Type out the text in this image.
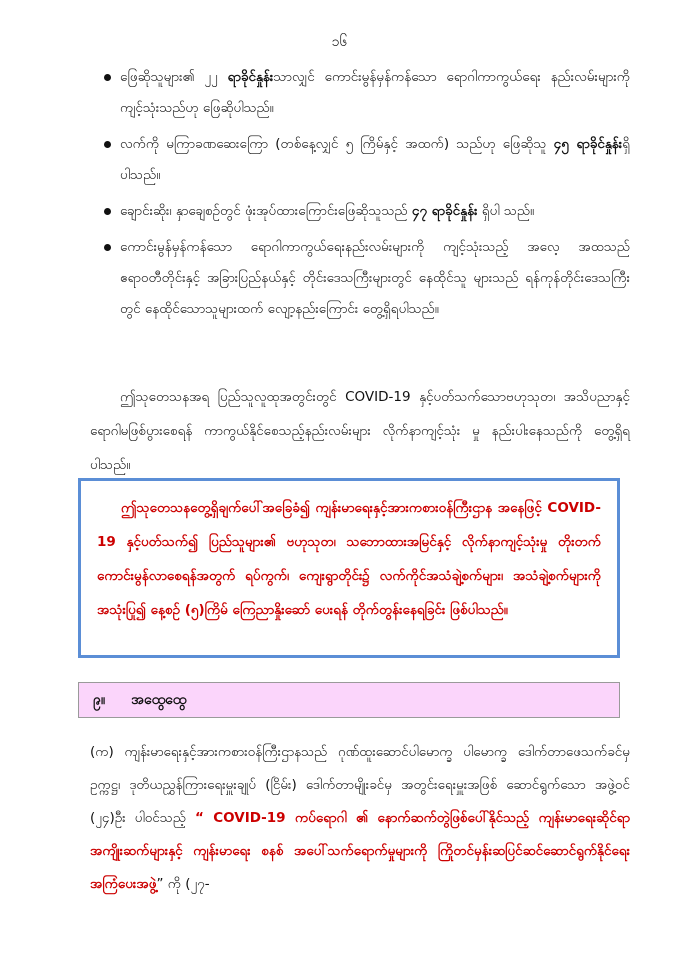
၁၆
ဖြေဆိုသူများ၏ ၂၂ ရာခိုင်နှုန်းသာလျှင် ကောင်းမွန်မှန်ကန်သော ရောဂါကာကွယ်ရေး နည်းလမ်းများကို ကျင့်သုံးသည်ဟု ဖြေဆိုပါသည်။
လက်ကို မကြာခဏဆေးကြော (တစ်နေ့လျှင် ၅ ကြိမ်နှင့် အထက်) သည်ဟု ဖြေဆိုသူ ၄၅ ရာခိုင်နှုန်းရှိပါသည်။
ချောင်းဆိုး၊ နှာချေစဉ်တွင် ဖုံးအုပ်ထားကြောင်းဖြေဆိုသူသည် ၄၇ ရာခိုင်နှုန်း ရှိပါ သည်။
ကောင်းမွန်မှန်ကန်သော ရောဂါကာကွယ်ရေးနည်းလမ်းများကို ကျင့်သုံးသည့် အလေ့ အထသည် ဧရာဝတီတိုင်းနှင့် အခြားပြည်နယ်နှင့် တိုင်းဒေသကြီးများတွင် နေထိုင်သူ များသည် ရန်ကုန်တိုင်းဒေသကြီးတွင် နေထိုင်သောသူများထက် လျော့နည်းကြောင်း တွေ့ရှိရပါသည်။
ဤသုတေသနအရ ပြည်သူလူထုအတွင်းတွင် COVID-19 နှင့်ပတ်သက်သောဗဟုသုတ၊ အသိပညာနှင့် ရောဂါမဖြစ်ပွားစေရန် ကာကွယ်နိုင်စေသည့်နည်းလမ်းများ လိုက်နာကျင့်သုံး မှု နည်းပါးနေသည်ကို တွေ့ရှိရပါသည်။
ဤသုတေသနတွေ့ရှိချက်ပေါ်အခြေခံ၍ ကျန်းမာရေးနှင့်အားကစားဝန်ကြီးဌာန အနေဖြင့် COVID-19 နှင့်ပတ်သက်၍ ပြည်သူများ၏ ဗဟုသုတ၊ သဘောထားအမြင်နှင့် လိုက်နာကျင့်သုံးမှု တိုးတက် ကောင်းမွန်လာစေရန်အတွက် ရပ်ကွက်၊ ကျေးရွာတိုင်း၌ လက်ကိုင်အသံချဲ့စက်များ၊ အသံချဲ့စက်များကို အသုံးပြု၍ နေ့စဉ် (၅)ကြိမ် ကြေညာနှိုးဆော် ပေးရန် တိုက်တွန်းနေရခြင်း ဖြစ်ပါသည်။
၉။ အထွေထွေ
(က) ကျန်းမာရေးနှင့်အားကစားဝန်ကြီးဌာနသည် ဂုဏ်ထူးဆောင်ပါမောက္ခ ပါမောက္ခ ဒေါက်တာဖေသက်ခင်မှ ဥက္ကဋ္ဌ၊ ဒုတိယညွှန်ကြားရေးမှူးချုပ် (ငြိမ်း) ဒေါက်တာမျိုးခင်မှ အတွင်းရေးမှူးအဖြစ် ဆောင်ရွက်သော အဖွဲ့ဝင် (၂၄)ဦး ပါဝင်သည့် “ COVID-19 ကပ်ရောဂါ ၏ နောက်ဆက်တွဲဖြစ်ပေါ်နိုင်သည့် ကျန်းမာရေးဆိုင်ရာ အကျိုးဆက်များနှင့် ကျန်းမာရေး စနစ် အပေါ်သက်ရောက်မှုများကို ကြိုတင်မှန်းဆပြင်ဆင်ဆောင်ရွက်နိုင်ရေး အကြံပေးအဖွဲ့” ကို (၂၇-
